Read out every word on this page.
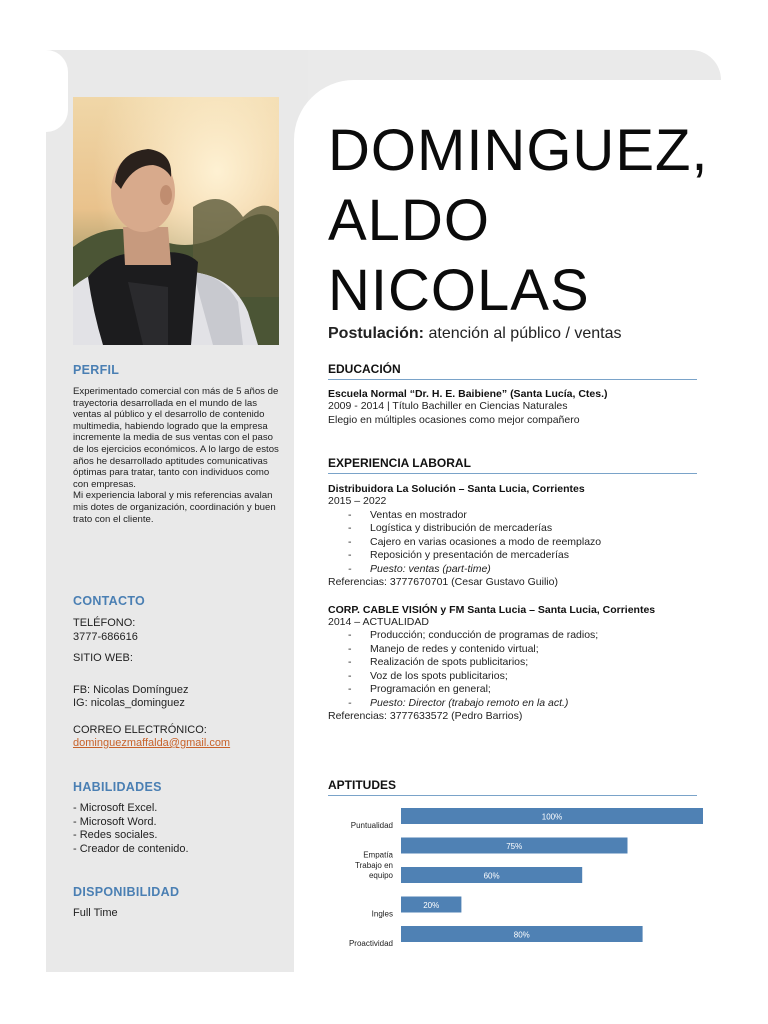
PERFIL
Experimentado comercial con más de 5 años de trayectoria desarrollada en el mundo de las ventas al público y el desarrollo de contenido multimedia, habiendo logrado que la empresa incremente la media de sus ventas con el paso de los ejercicios económicos. A lo largo de estos años he desarrollado aptitudes comunicativas óptimas para tratar, tanto con individuos como con empresas.
Mi experiencia laboral y mis referencias avalan mis dotes de organización, coordinación y buen trato con el cliente.
CONTACTO
TELÉFONO:
3777-686616
SITIO WEB:
FB: Nicolas Domínguez
IG: nicolas_dominguez
CORREO ELECTRÓNICO:
dominguezmaffalda@gmail.com
HABILIDADES
- Microsoft Excel.
- Microsoft Word.
- Redes sociales.
- Creador de contenido.
DISPONIBILIDAD
Full Time
DOMINGUEZ,
ALDO
NICOLAS
Postulación: atención al público / ventas
EDUCACIÓN
Escuela Normal “Dr. H. E. Baibiene” (Santa Lucía, Ctes.)
2009 - 2014 | Título Bachiller en Ciencias Naturales
Elegio en múltiples ocasiones como mejor compañero
EXPERIENCIA LABORAL
Distribuidora La Solución – Santa Lucia, Corrientes
2015 – 2022
- Ventas en mostrador
- Logística y distribución de mercaderías
- Cajero en varias ocasiones a modo de reemplazo
- Reposición y presentación de mercaderías
- Puesto: ventas (part-time)
Referencias: 3777670701 (Cesar Gustavo Guilio)
CORP. CABLE VISIÓN y FM Santa Lucia – Santa Lucia, Corrientes
2014 – ACTUALIDAD
- Producción; conducción de programas de radios;
- Manejo de redes y contenido virtual;
- Realización de spots publicitarios;
- Voz de los spots publicitarios;
- Programación en general;
- Puesto: Director (trabajo remoto en la act.)
Referencias: 3777633572 (Pedro Barrios)
APTITUDES
100%
Puntualidad
75%
Empatía
60%
Trabajo en equipo
20%
Ingles
80%
Proactividad
